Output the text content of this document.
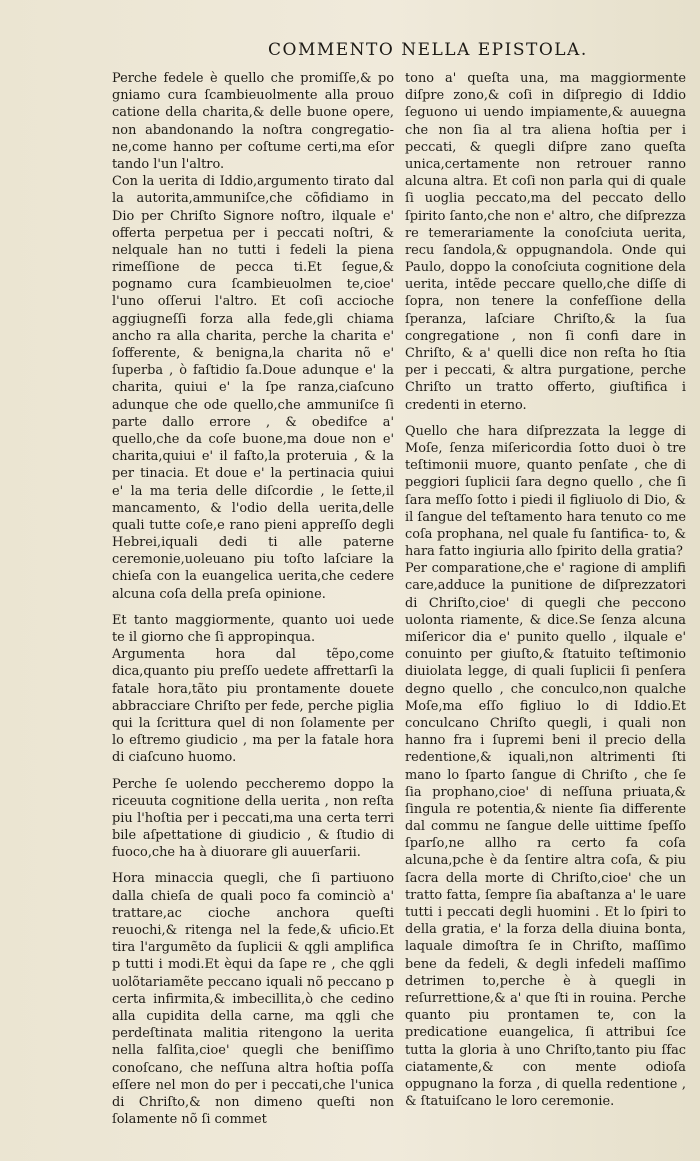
COMMENTO NELLA EPISTOLA.

Perche fedele è quello che promiſſe,& po gniamo cura ſcambieuolmente alla prouo catione della charita,& delle buone opere, non abandonando la noſtra congregatio- ne,come hanno per coſtume certi,ma eſor tando l'un l'altro.

Con la uerita di Iddio,argumento tirato dal la autorita,ammuniſce,che cõfidiamo in Dio per Chriſto Signore noſtro, ilquale e' offerta perpetua per i peccati noſtri, & nelquale han no tutti i fedeli la piena rimeſſione de pecca ti.Et ſegue,& pognamo cura ſcambieuolmen te,cioe' l'uno oſſerui l'altro. Et coſi accioche aggiugneſſi forza alla fede,gli chiama ancho ra alla charita, perche la charita e' ſofferente, & benigna,la charita nõ e' ſuperba , ò faſtidio ſa.Doue adunque e' la charita, quiui e' la ſpe ranza,ciaſcuno adunque che ode quello,che ammuniſce ſi parte dallo errore , & obedifce a' quello,che da coſe buone,ma doue non e' charita,quiui e' il faſto,la proteruia , & la per tinacia. Et doue e' la pertinacia quiui e' la ma teria delle diſcordie , le ſette,il mancamento, & l'odio della uerita,delle quali tutte coſe,e rano pieni appreſſo degli Hebrei,iquali dedi ti alle paterne ceremonie,uoleuano piu toſto laſciare la chieſa con la euangelica uerita,che cedere alcuna coſa della preſa opinione.

Et tanto maggiormente, quanto uoi uede te il giorno che ſi appropinqua.

Argumenta hora dal tẽpo,come dica,quanto piu preſſo uedete affrettarſi la fatale hora,tãto piu prontamente douete abbracciare Chriſto per fede, perche piglia qui la ſcrittura quel di non ſolamente per lo eſtremo giudicio , ma per la fatale hora di ciaſcuno huomo.

Perche ſe uolendo peccheremo doppo la riceuuta cognitione della uerita , non reſta piu l'hoſtia per i peccati,ma una certa terri bile aſpettatione di giudicio , & ſtudio di fuoco,che ha à diuorare gli auuerſarii.

Hora minaccia quegli, che ſi partiuono dalla chieſa de quali poco fa cominciò a' trattare,ac cioche anchora queſti reuochi,& ritenga nel la fede,& uficio.Et tira l'argumẽto da ſuplicii & qgli amplifica p tutti i modi.Et èqui da ſape re , che qgli uolõtariamẽte peccano iquali nõ peccano p certa infirmita,& imbecillita,ò che cedino alla cupidita della carne, ma qgli che perdeſtinata malitia ritengono la uerita nella falſita,cioe' quegli che beniſſimo conoſcano, che neſſuna altra hoſtia poſſa eſſere nel mon do per i peccati,che l'unica di Chriſto,& non dimeno queſti non ſolamente nõ ſi commet

tono a' queſta una, ma maggiormente diſpre zono,& coſi in diſpregio di Iddio ſeguono ui uendo impiamente,& auuegna che non ſia al tra aliena hoſtia per i peccati, & quegli diſpre zano queſta unica,certamente non retrouer ranno alcuna altra. Et coſi non parla qui di quale ſi uoglia peccato,ma del peccato dello ſpirito ſanto,che non e' altro, che diſprezza re temerariamente la conoſciuta uerita, recu ſandola,& oppugnandola. Onde qui Paulo, doppo la conoſciuta cognitione dela uerita, intẽde peccare quello,che diſſe di ſopra, non tenere la confeſſione della ſperanza, laſciare Chriſto,& la ſua congregatione , non ſi confi dare in Chriſto, & a' quelli dice non reſta ho ſtia per i peccati, & altra purgatione, perche Chriſto un tratto offerto, giuſtifica i credenti in eterno.

Quello che hara diſprezzata la legge di Moſe, ſenza miſericordia ſotto duoi ò tre teſtimonii muore, quanto penſate , che di peggiori ſuplicii ſara degno quello , che ſi ſara meſſo ſotto i piedi il figliuolo di Dio, & il ſangue del teſtamento hara tenuto co me coſa prophana, nel quale fu ſantifica- to, & hara fatto ingiuria allo ſpirito della gratia?

Per comparatione,che e' ragione di amplifi care,adduce la punitione de diſprezzatori di Chriſto,cioe' di quegli che peccono uolonta riamente, & dice.Se ſenza alcuna miſericor dia e' punito quello , ilquale e' conuinto per giuſto,& ſtatuito teſtimonio diuiolata legge, di quali ſuplicii ſi penſera degno quello , che conculco,non qualche Moſe,ma eſſo figliuo lo di Iddio.Et conculcano Chriſto quegli, i quali non hanno fra i ſupremi beni il precio della redentione,& iquali,non altrimenti ſti mano lo ſparto ſangue di Chriſto , che ſe ſia prophano,cioe' di neſſuna priuata,& ſingula re potentia,& niente ſia differente dal commu ne ſangue delle uittime ſpeſſo ſparſo,ne allho ra certo fa coſa alcuna,pche è da ſentire altra coſa, & piu ſacra della morte di Chriſto,cioe' che un tratto fatta, ſempre ſia abaſtanza a' le uare tutti i peccati degli huomini . Et lo ſpiri to della gratia, e' la forza della diuina bonta, laquale dimoſtra ſe in Chriſto, maſſimo bene da fedeli, & degli infedeli maſſimo detrimen to,perche è à quegli in reſurrettione,& a' que ſti in rouina. Perche quanto piu prontamen te, con la predicatione euangelica, ſi attribui ſce tutta la gloria à uno Chriſto,tanto piu ſfac ciatamente,& con mente odioſa oppugnano la forza , di quella redentione , & ſtatuiſcano le loro ceremonie.
